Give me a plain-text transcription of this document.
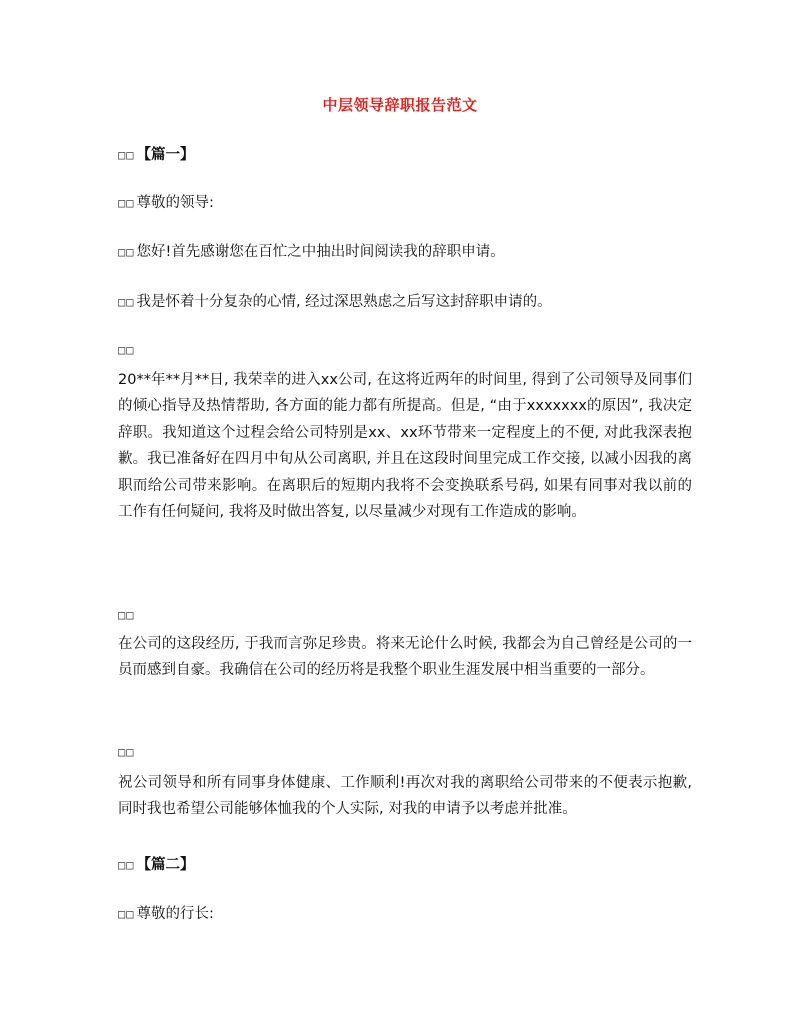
中层领导辞职报告范文
□□ 【篇一】
□□ 尊敬的领导:
□□ 您好!首先感谢您在百忙之中抽出时间阅读我的辞职申请。
□□ 我是怀着十分复杂的心情, 经过深思熟虑之后写这封辞职申请的。
□□
20**年**月**日, 我荣幸的进入xx公司, 在这将近两年的时间里, 得到了公司领导及同事们的倾心指导及热情帮助, 各方面的能力都有所提高。但是, “由于xxxxxxx的原因”, 我决定辞职。我知道这个过程会给公司特别是xx、xx环节带来一定程度上的不便, 对此我深表抱歉。我已准备好在四月中旬从公司离职, 并且在这段时间里完成工作交接, 以减小因我的离职而给公司带来影响。在离职后的短期内我将不会变换联系号码, 如果有同事对我以前的工作有任何疑问, 我将及时做出答复, 以尽量减少对现有工作造成的影响。
□□
在公司的这段经历, 于我而言弥足珍贵。将来无论什么时候, 我都会为自己曾经是公司的一员而感到自豪。我确信在公司的经历将是我整个职业生涯发展中相当重要的一部分。
□□
祝公司领导和所有同事身体健康、工作顺利!再次对我的离职给公司带来的不便表示抱歉, 同时我也希望公司能够体恤我的个人实际, 对我的申请予以考虑并批准。
□□ 【篇二】
□□ 尊敬的行长:
